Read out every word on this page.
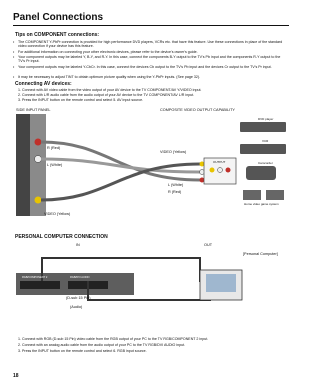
Panel Connections
Tips on COMPONENT connections:
• The COMPONENT Y-PbPr connection is provided for high performance DVD players, VCRs etc. that have this feature. Use these connections in place of the standard video connection if your device has this feature.
• For additional information on connecting your other electronic devices, please refer to the device's owner's guide.
• Your component outputs may be labeled Y, B-Y, and R-Y. In this case, connect the components B-Y output to the TV's Pb input and the components R-Y output to the TV's Pr input.
• Your component outputs may be labeled Y-CbCr. In this case, connect the devices Cb output to the TV's Pb input and the devices Cr output to the TV's Pr input.
• It may be necessary to adjust TINT to obtain optimum picture quality when using the Y-PbPr inputs. (See page 32).
Connecting AV devices:
1. Connect with AV video cable from the video output of your AV device to the TV COMPONENT/AV Y/VIDEO input.
2. Connect with L/R audio cable from the audio output of your AV device to the TV COMPONENT/AV L/R input.
3. Press the INPUT button on the remote control and select 5. AV input source.
SIDE INPUT PANEL	COMPOSITE VIDEO OUTPUT CAPABILITY
R (Red)
L (White)
VIDEO (Yellow)
VIDEO (Yellow)
L (White)
R (Red)
OUTPUT
DVD player
VCR
Camcorder
Home video game system
PERSONAL COMPUTER CONNECTION
IN	OUT
[Personal Computer]
RGB/COMPONENT 2	RGB/DVI AUDIO
(D-sub 15 Pin)
(Audio)
1. Connect with RGB (D-sub 15 Pin) video cable from the RGB output of your PC to the TV RGB/COMPONENT 2 input.
2. Connect with an analog audio cable from the audio output of your PC to the TV RGB/DVI AUDIO input.
3. Press the INPUT button on the remote control and select 6. RGB input source.
18
